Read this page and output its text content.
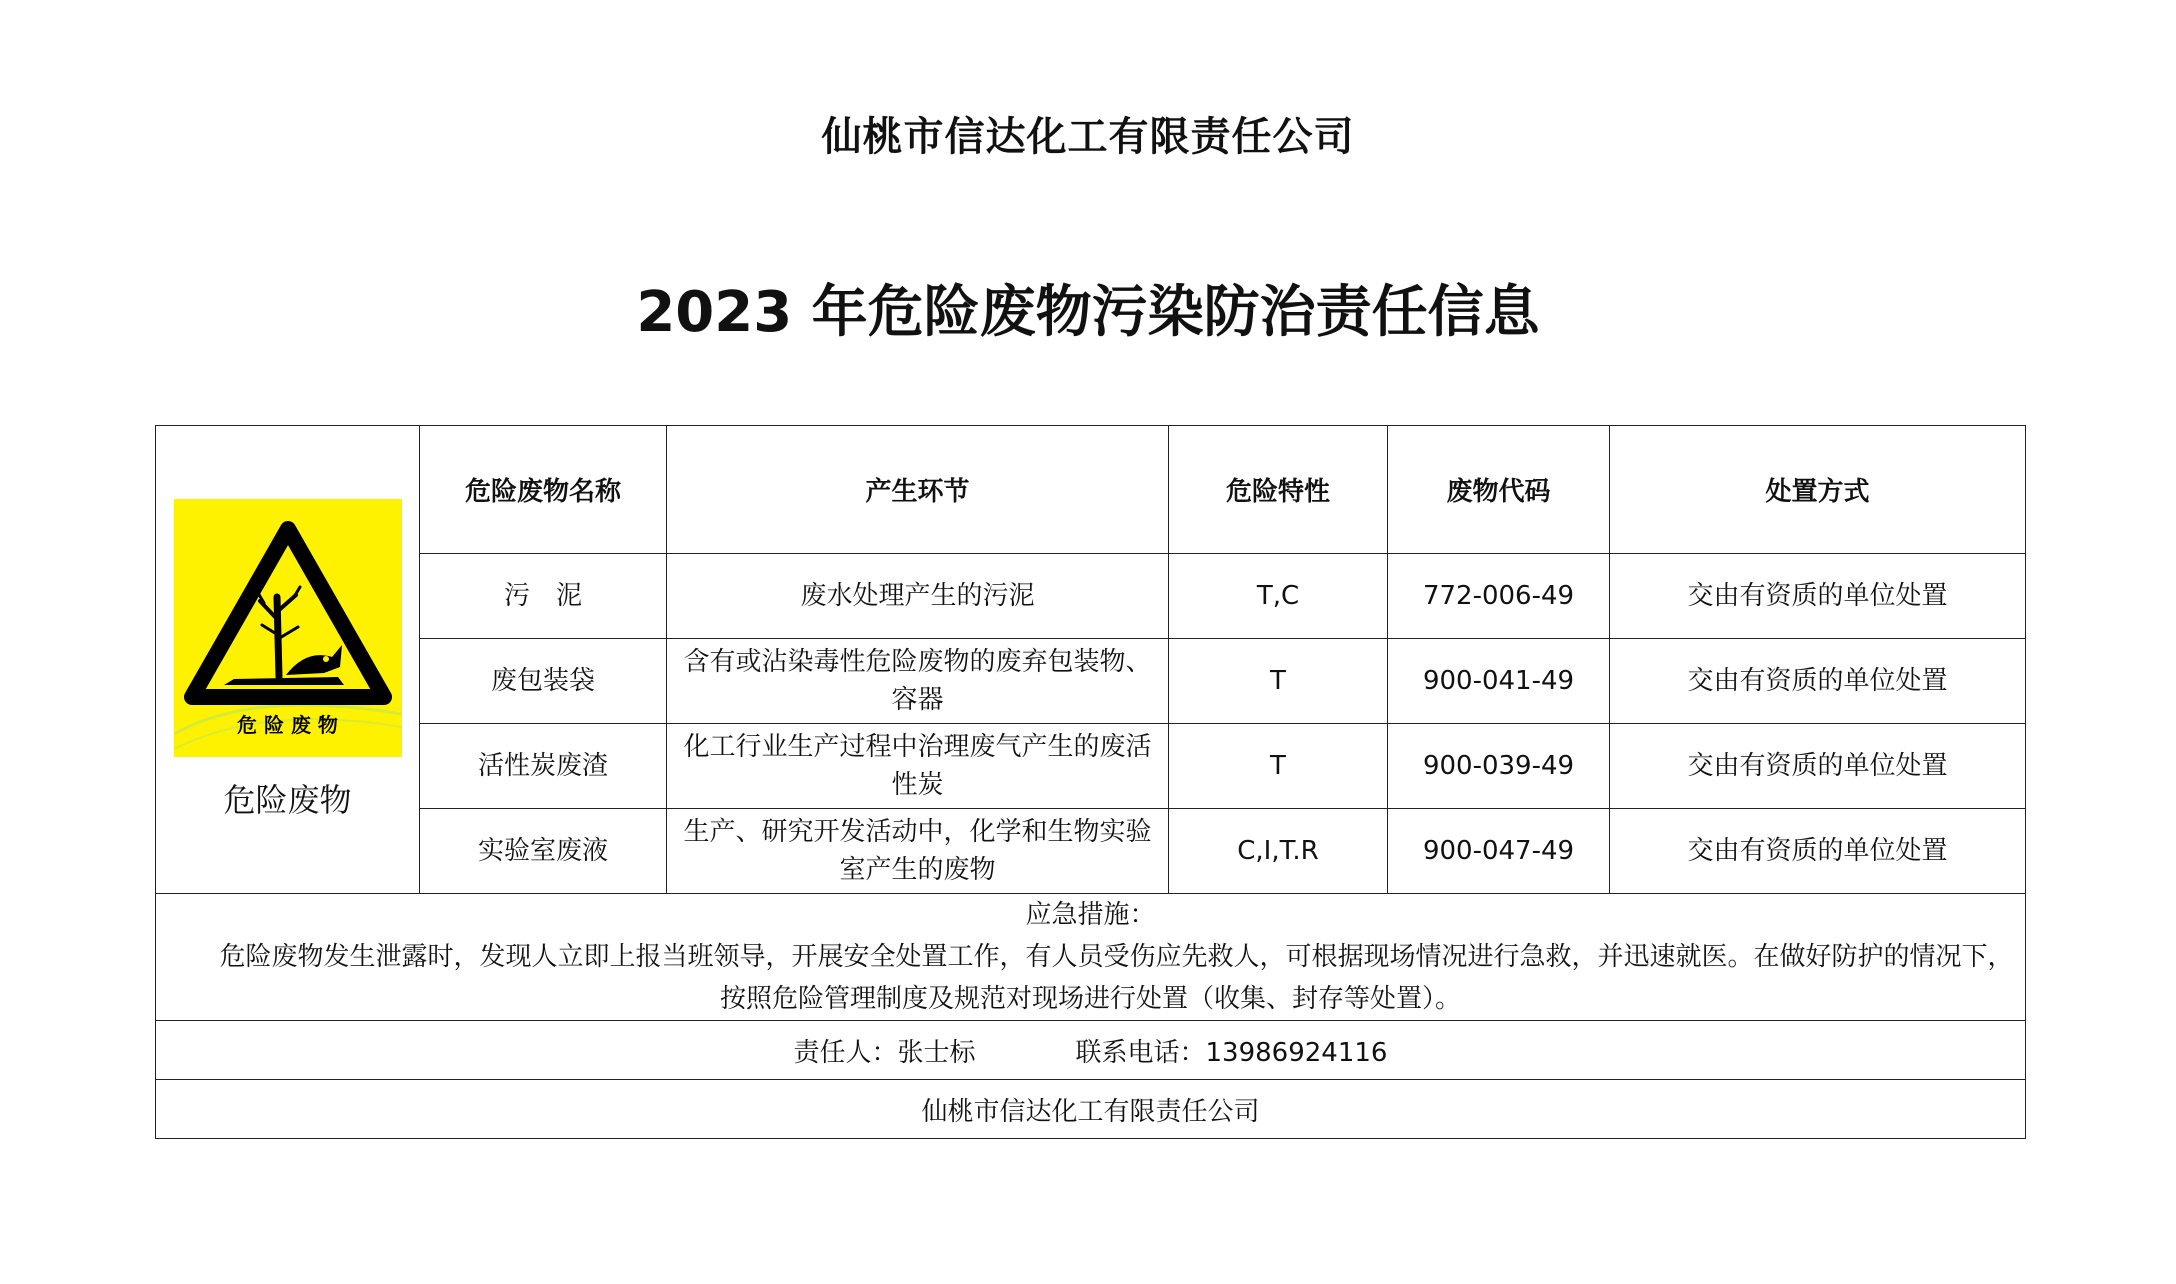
仙桃市信达化工有限责任公司
2023 年危险废物污染防治责任信息
危 险 废 物
危险废物	危险废物名称	产生环节	危险特性	废物代码	处置方式
	污　泥	废水处理产生的污泥	T,C	772-006-49	交由有资质的单位处置
	废包装袋	含有或沾染毒性危险废物的废弃包装物、容器	T	900-041-49	交由有资质的单位处置
	活性炭废渣	化工行业生产过程中治理废气产生的废活性炭	T	900-039-49	交由有资质的单位处置
	实验室废液	生产、研究开发活动中，化学和生物实验室产生的废物	C,I,T.R	900-047-49	交由有资质的单位处置

应急措施：
危险废物发生泄露时，发现人立即上报当班领导，开展安全处置工作，有人员受伤应先救人，可根据现场情况进行急救，并迅速就医。在做好防护的情况下，按照危险管理制度及规范对现场进行处置（收集、封存等处置）。					

责任人：张士标 联系电话：13986924116					
仙桃市信达化工有限责任公司					
